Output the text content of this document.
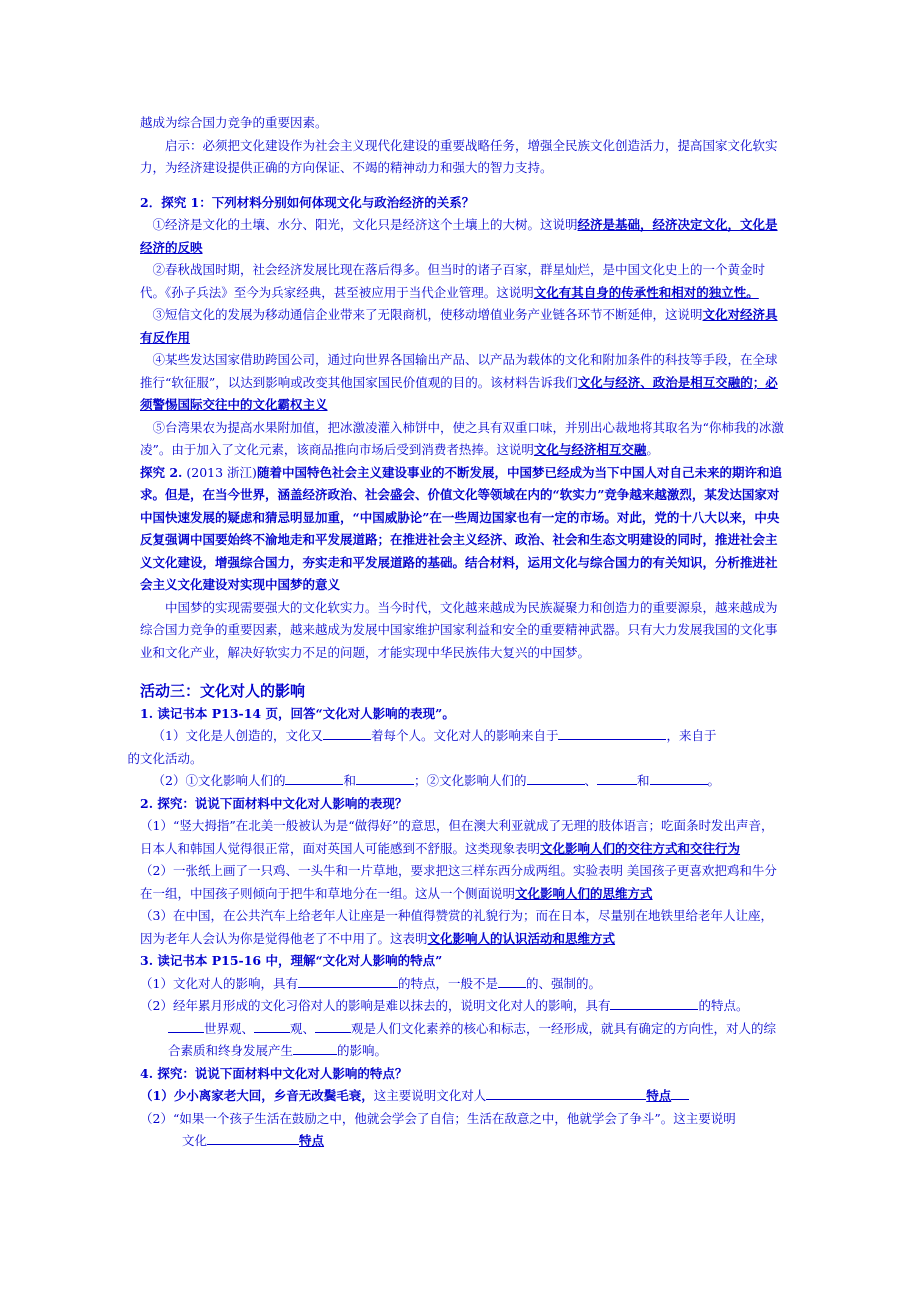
越成为综合国力竞争的重要因素。

启示：必须把文化建设作为社会主义现代化建设的重要战略任务，增强全民族文化创造活力，提高国家文化软实力，为经济建设提供正确的方向保证、不竭的精神动力和强大的智力支持。

2．探究 1：下列材料分别如何体现文化与政治经济的关系？

①经济是文化的土壤、水分、阳光，文化只是经济这个土壤上的大树。这说明经济是基础，经济决定文化，文化是经济的反映

②春秋战国时期，社会经济发展比现在落后得多。但当时的诸子百家，群星灿烂，是中国文化史上的一个黄金时代。《孙子兵法》至今为兵家经典，甚至被应用于当代企业管理。这说明文化有其自身的传承性和相对的独立性。

③短信文化的发展为移动通信企业带来了无限商机，使移动增值业务产业链各环节不断延伸，这说明文化对经济具有反作用

④某些发达国家借助跨国公司，通过向世界各国输出产品、以产品为载体的文化和附加条件的科技等手段，在全球推行“软征服”，以达到影响或改变其他国家国民价值观的目的。该材料告诉我们文化与经济、政治是相互交融的；必须警惕国际交往中的文化霸权主义

⑤台湾果农为提高水果附加值，把冰激凌灌入柿饼中，使之具有双重口味，并别出心裁地将其取名为“你柿我的冰激凌”。由于加入了文化元素，该商品推向市场后受到消费者热捧。这说明文化与经济相互交融。

探究 2. (2013 浙江)随着中国特色社会主义建设事业的不断发展，中国梦已经成为当下中国人对自己未来的期许和追求。但是，在当今世界，涵盖经济政治、社会盛会、价值文化等领域在内的“软实力”竞争越来越激烈，某发达国家对中国快速发展的疑虑和猜忌明显加重，“中国威胁论”在一些周边国家也有一定的市场。对此，党的十八大以来，中央反复强调中国要始终不渝地走和平发展道路；在推进社会主义经济、政治、社会和生态文明建设的同时，推进社会主义文化建设，增强综合国力，夯实走和平发展道路的基础。结合材料，运用文化与综合国力的有关知识，分析推进社会主义文化建设对实现中国梦的意义

中国梦的实现需要强大的文化软实力。当今时代，文化越来越成为民族凝聚力和创造力的重要源泉，越来越成为综合国力竞争的重要因素，越来越成为发展中国家维护国家利益和安全的重要精神武器。只有大力发展我国的文化事业和文化产业，解决好软实力不足的问题，才能实现中华民族伟大复兴的中国梦。

活动三：文化对人的影响

1. 读记书本 P13-14 页，回答“文化对人影响的表现”。

（1）文化是人创造的，文化又	着每个人。文化对人的影响来自于	，来自于
的文化活动。

（2）①文化影响人们的	和	；②文化影响人们的	、	和	。

2. 探究：说说下面材料中文化对人影响的表现？

（1）“竖大拇指”在北美一般被认为是“做得好”的意思，但在澳大利亚就成了无理的肢体语言；吃面条时发出声音，日本人和韩国人觉得很正常，面对英国人可能感到不舒服。这类现象表明文化影响人们的交往方式和交往行为

（2）一张纸上画了一只鸡、一头牛和一片草地，要求把这三样东西分成两组。实验表明 美国孩子更喜欢把鸡和牛分在一组，中国孩子则倾向于把牛和草地分在一组。这从一个侧面说明文化影响人们的思维方式

（3）在中国，在公共汽车上给老年人让座是一种值得赞赏的礼貌行为；而在日本，尽量别在地铁里给老年人让座，因为老年人会认为你是觉得他老了不中用了。这表明文化影响人的认识活动和思维方式

3. 读记书本 P15-16 中，理解“文化对人影响的特点”

（1）文化对人的影响，具有	的特点，一般不是 的、强制的。

（2）经年累月形成的文化习俗对人的影响是难以抹去的，说明文化对人的影响，具有	的特点。 世界观、	观、	观是人们文化素养的核心和标志，一经形成，就具有确定的方向性，对人的综合素质和终身发展产生	的影响。

4. 探究：说说下面材料中文化对人影响的特点？

（1）少小离家老大回，乡音无改鬓毛衰，这主要说明文化对人	特点

（2）“如果一个孩子生活在鼓励之中，他就会学会了自信；生活在敌意之中，他就学会了争斗”。这主要说明
文化	特点
